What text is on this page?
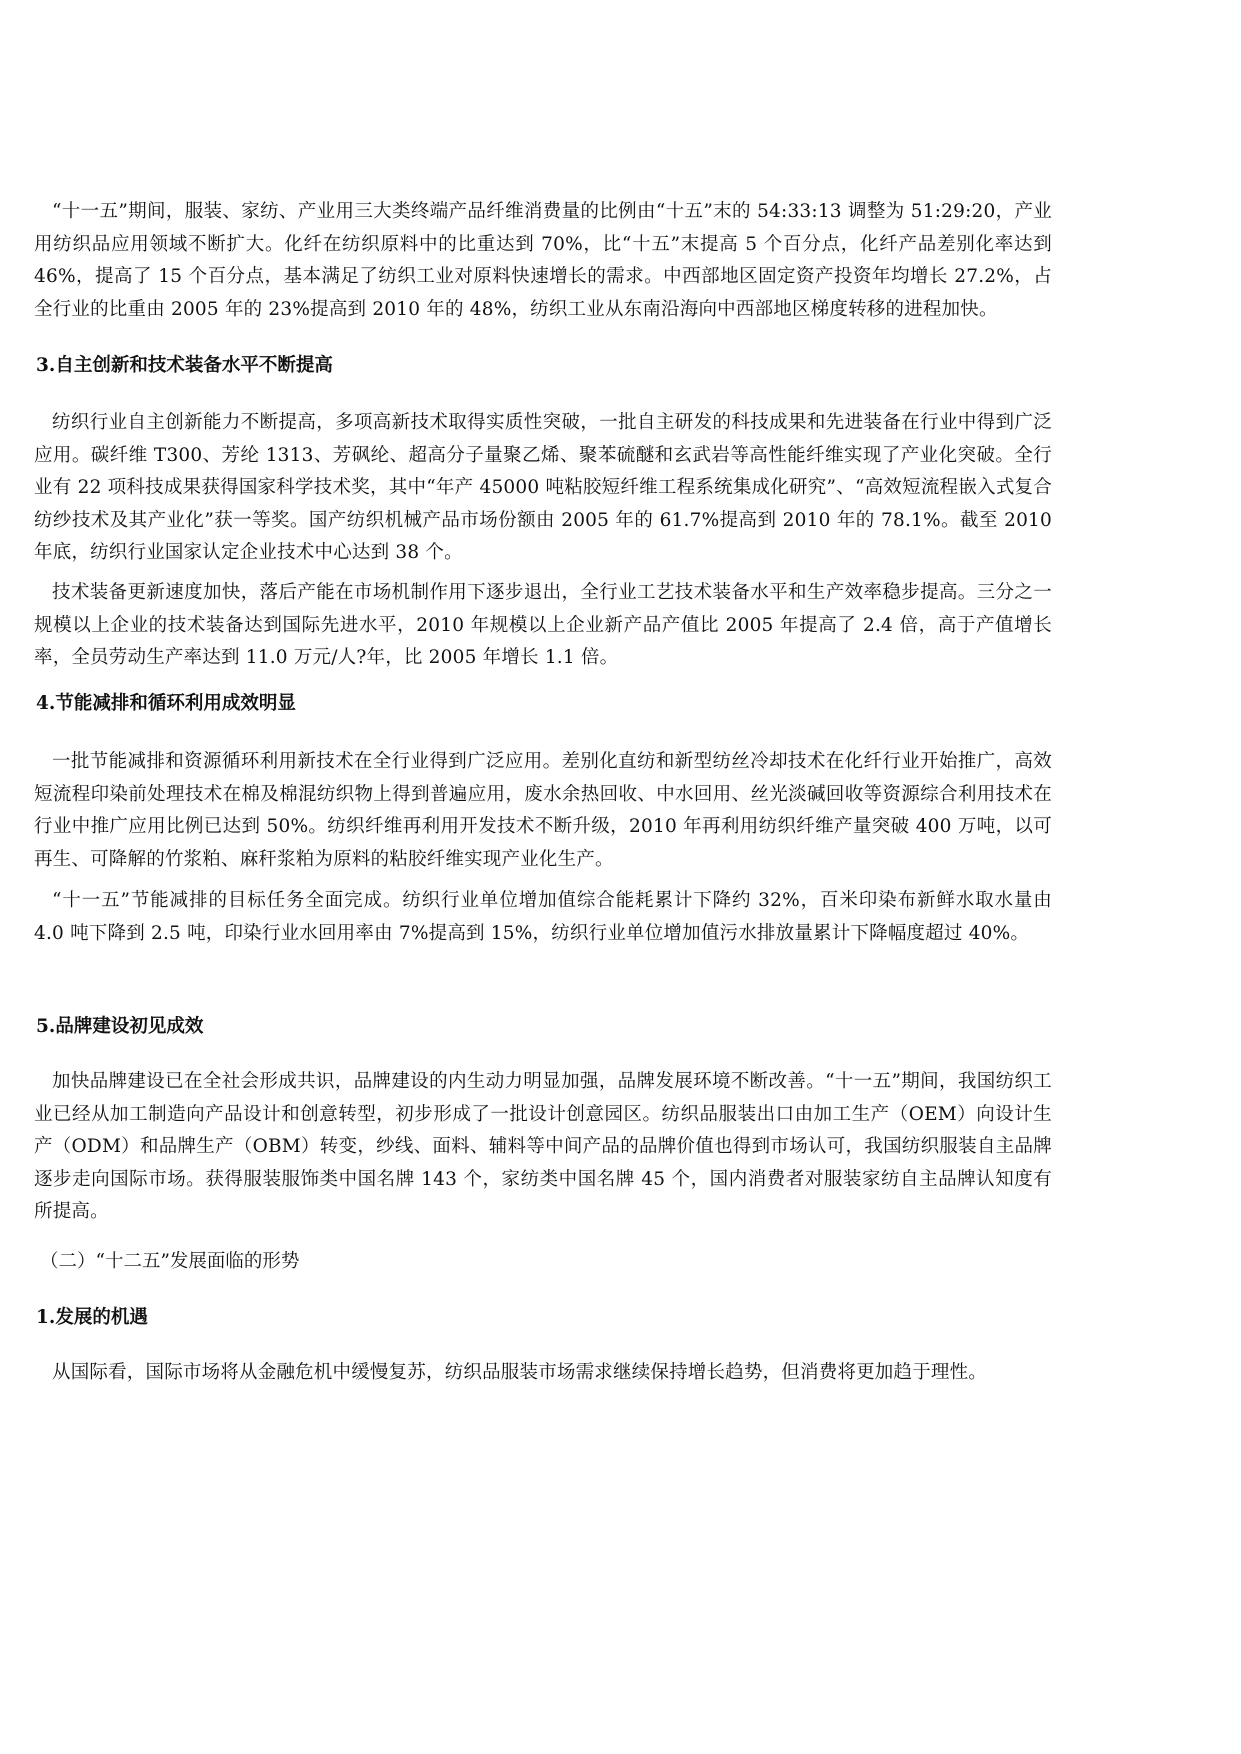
“十一五”期间，服装、家纺、产业用三大类终端产品纤维消费量的比例由“十五”末的 54:33:13 调整为 51:29:20，产业用纺织品应用领域不断扩大。化纤在纺织原料中的比重达到 70%，比“十五”末提高 5 个百分点，化纤产品差别化率达到 46%，提高了 15 个百分点，基本满足了纺织工业对原料快速增长的需求。中西部地区固定资产投资年均增长 27.2%，占全行业的比重由 2005 年的 23%提高到 2010 年的 48%，纺织工业从东南沿海向中西部地区梯度转移的进程加快。

3.自主创新和技术装备水平不断提高

纺织行业自主创新能力不断提高，多项高新技术取得实质性突破，一批自主研发的科技成果和先进装备在行业中得到广泛应用。碳纤维 T300、芳纶 1313、芳砜纶、超高分子量聚乙烯、聚苯硫醚和玄武岩等高性能纤维实现了产业化突破。全行业有 22 项科技成果获得国家科学技术奖，其中“年产 45000 吨粘胶短纤维工程系统集成化研究”、“高效短流程嵌入式复合纺纱技术及其产业化”获一等奖。国产纺织机械产品市场份额由 2005 年的 61.7%提高到 2010 年的 78.1%。截至 2010 年底，纺织行业国家认定企业技术中心达到 38 个。

技术装备更新速度加快，落后产能在市场机制作用下逐步退出，全行业工艺技术装备水平和生产效率稳步提高。三分之一规模以上企业的技术装备达到国际先进水平，2010 年规模以上企业新产品产值比 2005 年提高了 2.4 倍，高于产值增长率，全员劳动生产率达到 11.0 万元/人?年，比 2005 年增长 1.1 倍。

4.节能减排和循环利用成效明显

一批节能减排和资源循环利用新技术在全行业得到广泛应用。差别化直纺和新型纺丝冷却技术在化纤行业开始推广，高效短流程印染前处理技术在棉及棉混纺织物上得到普遍应用，废水余热回收、中水回用、丝光淡碱回收等资源综合利用技术在行业中推广应用比例已达到 50%。纺织纤维再利用开发技术不断升级，2010 年再利用纺织纤维产量突破 400 万吨，以可再生、可降解的竹浆粕、麻秆浆粕为原料的粘胶纤维实现产业化生产。

“十一五”节能减排的目标任务全面完成。纺织行业单位增加值综合能耗累计下降约 32%，百米印染布新鲜水取水量由 4.0 吨下降到 2.5 吨，印染行业水回用率由 7%提高到 15%，纺织行业单位增加值污水排放量累计下降幅度超过 40%。

5.品牌建设初见成效

加快品牌建设已在全社会形成共识，品牌建设的内生动力明显加强，品牌发展环境不断改善。“十一五”期间，我国纺织工业已经从加工制造向产品设计和创意转型，初步形成了一批设计创意园区。纺织品服装出口由加工生产（OEM）向设计生产（ODM）和品牌生产（OBM）转变，纱线、面料、辅料等中间产品的品牌价值也得到市场认可，我国纺织服装自主品牌逐步走向国际市场。获得服装服饰类中国名牌 143 个，家纺类中国名牌 45 个，国内消费者对服装家纺自主品牌认知度有所提高。

（二）“十二五”发展面临的形势

1.发展的机遇

从国际看，国际市场将从金融危机中缓慢复苏，纺织品服装市场需求继续保持增长趋势，但消费将更加趋于理性。
